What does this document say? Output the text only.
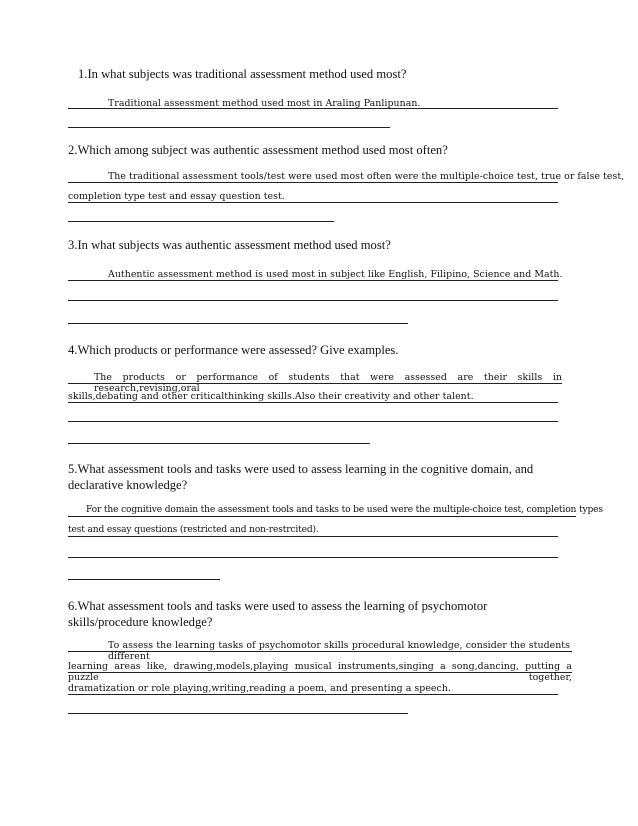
1.In what subjects was traditional assessment method used most?
Traditional assessment method used most in Araling Panlipunan.
2.Which among subject was authentic assessment method used most often?
The traditional assessment tools/test were used most often were the multiple-choice test, true or false test,
completion type test and essay question test.
3.In what subjects was authentic assessment method used most?
Authentic assessment method is used most in subject like English, Filipino, Science and Math.
4.Which products or performance were assessed? Give examples.
The products or performance of students that were assessed are their skills in research,revising,oral
skills,debating and other criticalthinking skills.Also their creativity and other talent.
5.What assessment tools and tasks were used to assess learning in the cognitive domain, and declarative knowledge?
For the cognitive domain the assessment tools and tasks to be used were the multiple-choice test, completion types
test and essay questions (restricted and non-restrcited).
6.What assessment tools and tasks were used to assess the learning of psychomotor skills/procedure knowledge?
To assess the learning tasks of psychomotor skills procedural knowledge, consider the students different
learning areas like, drawing,models,playing musical instruments,singing a song,dancing, putting a puzzle together,
dramatization or role playing,writing,reading a poem, and presenting a speech.
